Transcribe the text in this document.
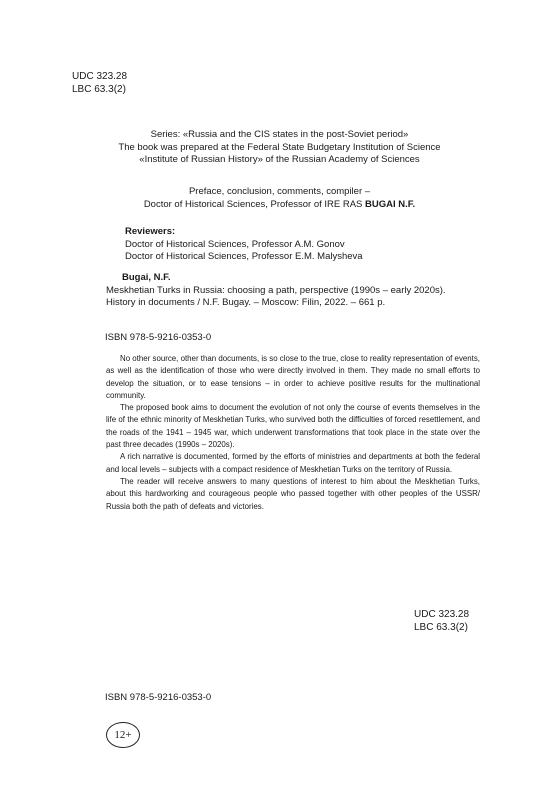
UDC 323.28
LBC 63.3(2)
Series: «Russia and the CIS states in the post-Soviet period»
The book was prepared at the Federal State Budgetary Institution of Science
«Institute of Russian History» of the Russian Academy of Sciences
Preface, conclusion, comments, compiler –
Doctor of Historical Sciences, Professor of IRE RAS BUGAI N.F.
Reviewers:
Doctor of Historical Sciences, Professor A.M. Gonov
Doctor of Historical Sciences, Professor E.M. Malysheva
Bugai, N.F.
Meskhetian Turks in Russia: choosing a path, perspective (1990s – early 2020s).
History in documents / N.F. Bugay. – Moscow: Filin, 2022. – 661 p.
ISBN 978-5-9216-0353-0

No other source, other than documents, is so close to the true, close to reality representation of events, as well as the identification of those who were directly involved in them. They made no small efforts to develop the situation, or to ease tensions – in order to achieve positive results for the multinational community.

The proposed book aims to document the evolution of not only the course of events themselves in the life of the ethnic minority of Meskhetian Turks, who survived both the difficulties of forced resettlement, and the roads of the 1941 – 1945 war, which underwent transformations that took place in the state over the past three decades (1990s – 2020s).

A rich narrative is documented, formed by the efforts of ministries and departments at both the federal and local levels – subjects with a compact residence of Meskhetian Turks on the territory of Russia.

The reader will receive answers to many questions of interest to him about the Meskhetian Turks, about this hardworking and courageous people who passed together with other peoples of the USSR/ Russia both the path of defeats and victories.

UDC 323.28
LBC 63.3(2)
ISBN 978-5-9216-0353-0
12+
